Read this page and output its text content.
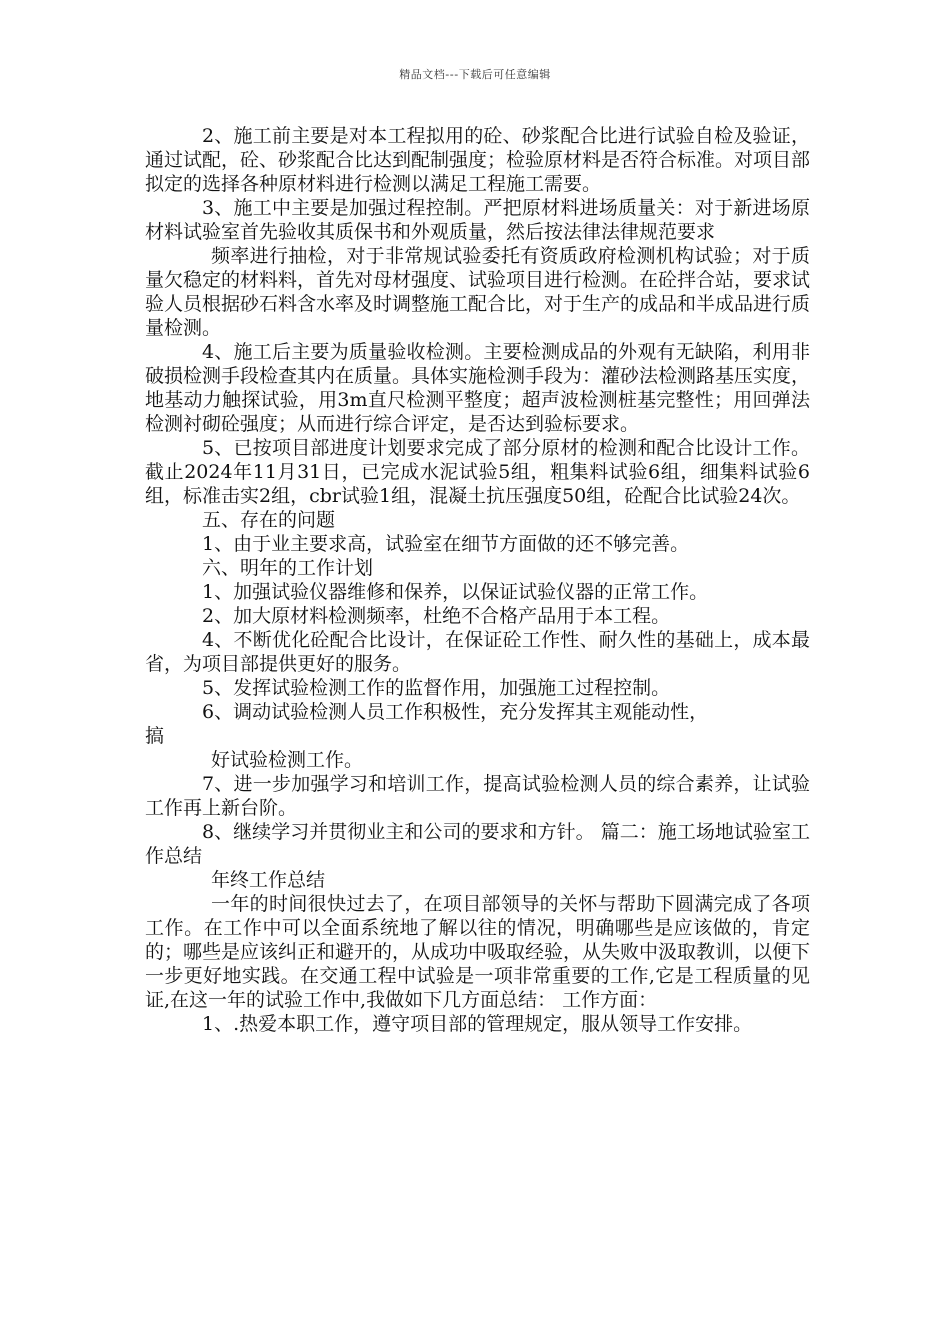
精品文档---下载后可任意编辑

2、施工前主要是对本工程拟用的砼、砂浆配合比进行试验自检及验证，通过试配，砼、砂浆配合比达到配制强度；检验原材料是否符合标准。对项目部拟定的选择各种原材料进行检测以满足工程施工需要。

3、施工中主要是加强过程控制。严把原材料进场质量关：对于新进场原材料试验室首先验收其质保书和外观质量，然后按法律法律规范要求

频率进行抽检，对于非常规试验委托有资质政府检测机构试验；对于质量欠稳定的材料料，首先对母材强度、试验项目进行检测。在砼拌合站，要求试验人员根据砂石料含水率及时调整施工配合比，对于生产的成品和半成品进行质量检测。

4、施工后主要为质量验收检测。主要检测成品的外观有无缺陷，利用非破损检测手段检查其内在质量。具体实施检测手段为：灌砂法检测路基压实度，地基动力触探试验，用3m直尺检测平整度；超声波检测桩基完整性；用回弹法检测衬砌砼强度；从而进行综合评定，是否达到验标要求。

5、已按项目部进度计划要求完成了部分原材的检测和配合比设计工作。截止2024年11月31日，已完成水泥试验5组，粗集料试验6组，细集料试验6组，标准击实2组，cbr试验1组，混凝土抗压强度50组，砼配合比试验24次。

五、存在的问题

1、由于业主要求高，试验室在细节方面做的还不够完善。

六、明年的工作计划

1、加强试验仪器维修和保养，以保证试验仪器的正常工作。

2、加大原材料检测频率，杜绝不合格产品用于本工程。

4、不断优化砼配合比设计，在保证砼工作性、耐久性的基础上，成本最省，为项目部提供更好的服务。

5、发挥试验检测工作的监督作用，加强施工过程控制。

6、调动试验检测人员工作积极性，充分发挥其主观能动性，

搞

好试验检测工作。

7、进一步加强学习和培训工作，提高试验检测人员的综合素养，让试验工作再上新台阶。

8、继续学习并贯彻业主和公司的要求和方针。 篇二：施工场地试验室工作总结

年终工作总结

一年的时间很快过去了，在项目部领导的关怀与帮助下圆满完成了各项工作。在工作中可以全面系统地了解以往的情况，明确哪些是应该做的，肯定的；哪些是应该纠正和避开的，从成功中吸取经验，从失败中汲取教训，以便下一步更好地实践。在交通工程中试验是一项非常重要的工作,它是工程质量的见证,在这一年的试验工作中,我做如下几方面总结： 工作方面：

1、.热爱本职工作，遵守项目部的管理规定，服从领导工作安排。
